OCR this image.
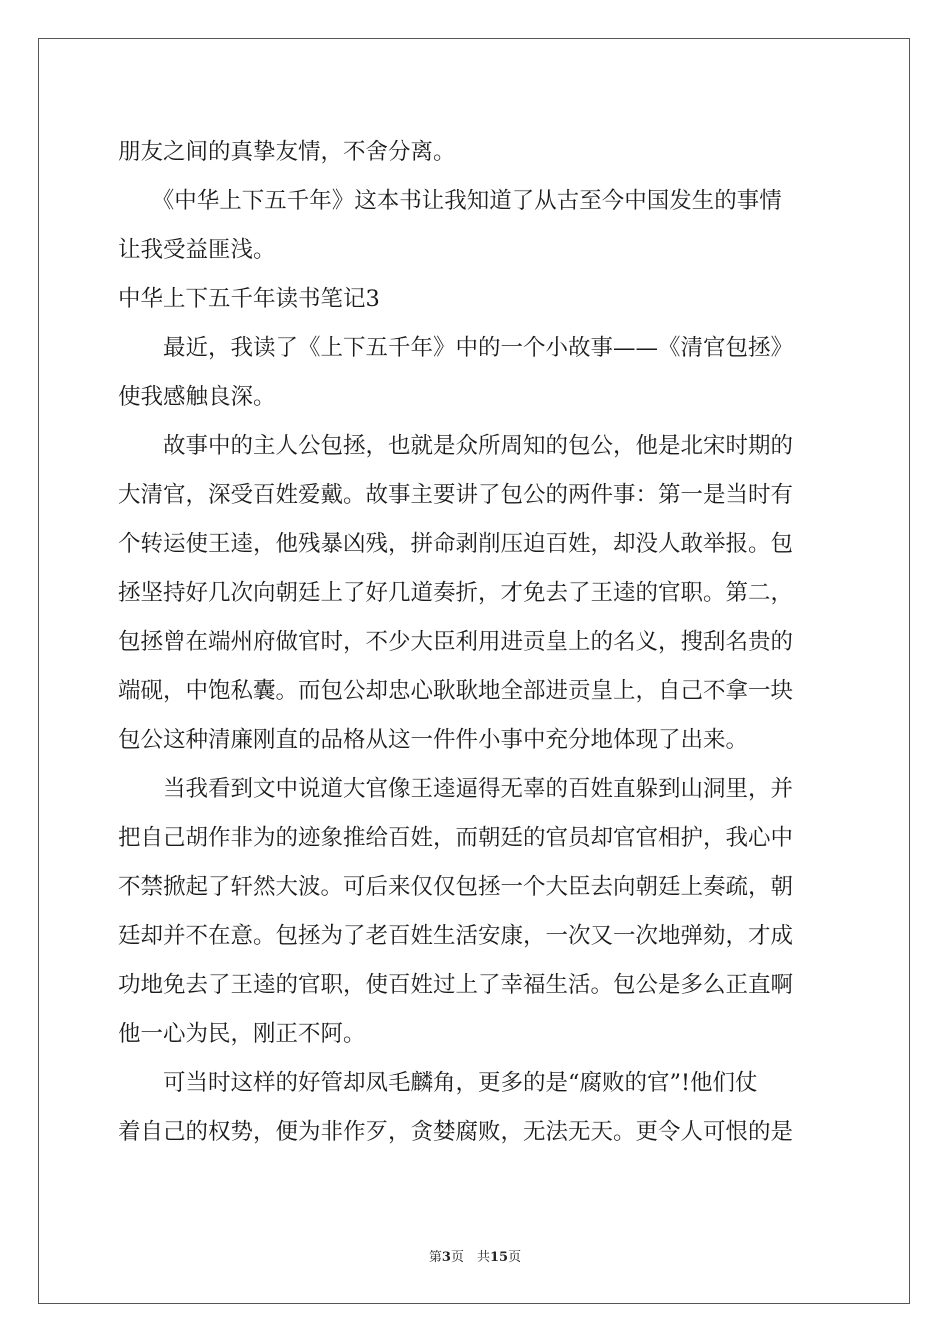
朋友之间的真挚友情，不舍分离。
　　《中华上下五千年》这本书让我知道了从古至今中国发生的事情
让我受益匪浅。
中华上下五千年读书笔记3
　　最近，我读了《上下五千年》中的一个小故事——《清官包拯》
使我感触良深。
　　故事中的主人公包拯，也就是众所周知的包公，他是北宋时期的
大清官，深受百姓爱戴。故事主要讲了包公的两件事：第一是当时有
个转运使王逵，他残暴凶残，拼命剥削压迫百姓，却没人敢举报。包
拯坚持好几次向朝廷上了好几道奏折，才免去了王逵的官职。第二，
包拯曾在端州府做官时，不少大臣利用进贡皇上的名义，搜刮名贵的
端砚，中饱私囊。而包公却忠心耿耿地全部进贡皇上，自己不拿一块
包公这种清廉刚直的品格从这一件件小事中充分地体现了出来。
　　当我看到文中说道大官像王逵逼得无辜的百姓直躲到山洞里，并
把自己胡作非为的迹象推给百姓，而朝廷的官员却官官相护，我心中
不禁掀起了轩然大波。可后来仅仅包拯一个大臣去向朝廷上奏疏，朝
廷却并不在意。包拯为了老百姓生活安康，一次又一次地弹劾，才成
功地免去了王逵的官职，使百姓过上了幸福生活。包公是多么正直啊
他一心为民，刚正不阿。
　　可当时这样的好管却凤毛麟角，更多的是“腐败的官”!他们仗
着自己的权势，便为非作歹，贪婪腐败，无法无天。更令人可恨的是
第3页　共15页
